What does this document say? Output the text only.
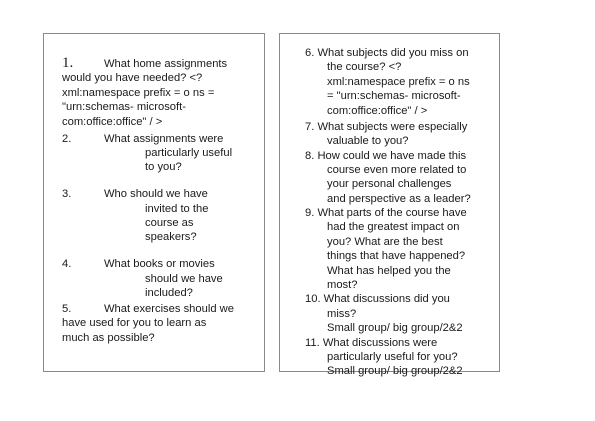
1.	What home assignments
would you have needed? <?
xml:namespace prefix = o ns =
"urn:schemas- microsoft-
com:office:office" / >
2.	What assignments were
particularly useful
to you?
3.	Who should we have
invited to the
course as
speakers?
4.	What books or movies
should we have
included?
5.	What exercises should we
have used for you to learn as
much as possible?
6. What subjects did you miss on
the course? <?
xml:namespace prefix = o ns
= "urn:schemas- microsoft-
com:office:office" / >
7. What subjects were especially
valuable to you?
8. How could we have made this
course even more related to
your personal challenges
and perspective as a leader?
9. What parts of the course have
had the greatest impact on
you? What are the best
things that have happened?
What has helped you the
most?
10. What discussions did you
miss?
Small group/ big group/2&2
11. What discussions were
particularly useful for you?
Small group/ big group/2&2
